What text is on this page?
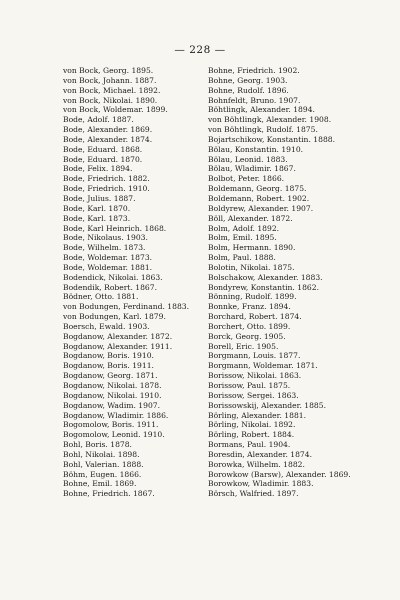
— 228 —
von Bock, Georg. 1895.
von Bock, Johann. 1887.
von Bock, Michael. 1892.
von Bock, Nikolai. 1890.
von Bock, Woldemar. 1899.
Bode, Adolf. 1887.
Bode, Alexander. 1869.
Bode, Alexander. 1874.
Bode, Eduard. 1868.
Bode, Eduard. 1870.
Bode, Felix. 1894.
Bode, Friedrich. 1882.
Bode, Friedrich. 1910.
Bode, Julius. 1887.
Bode, Karl. 1870.
Bode, Karl. 1873.
Bode, Karl Heinrich. 1868.
Bode, Nikolaus. 1903.
Bode, Wilhelm. 1873.
Bode, Woldemar. 1873.
Bode, Woldemar. 1881.
Bodendick, Nikolai. 1863.
Bodendik, Robert. 1867.
Bödner, Otto. 1881.
von Bodungen, Ferdinand. 1883.
von Bodungen, Karl. 1879.
Boersch, Ewald. 1903.
Bogdanow, Alexander. 1872.
Bogdanow, Alexander. 1911.
Bogdanow, Boris. 1910.
Bogdanow, Boris. 1911.
Bogdanow, Georg. 1871.
Bogdanow, Nikolai. 1878.
Bogdanow, Nikolai. 1910.
Bogdanow, Wadim. 1907.
Bogdanow, Wladimir. 1886.
Bogomolow, Boris. 1911.
Bogomolow, Leonid. 1910.
Bohl, Boris. 1878.
Bohl, Nikolai. 1898.
Bohl, Valerian. 1888.
Böhm, Eugen. 1866.
Bohne, Emil. 1869.
Bohne, Friedrich. 1867.
Bohne, Friedrich. 1902.
Bohne, Georg. 1903.
Bohne, Rudolf. 1896.
Bohnfeldt, Bruno. 1907.
Böhtlingk, Alexander. 1894.
von Böhtlingk, Alexander. 1908.
von Böhtlingk, Rudolf. 1875.
Bojartschikow, Konstantin. 1888.
Bölau, Konstantin. 1910.
Bölau, Leonid. 1883.
Bölau, Wladimir. 1867.
Bolbot, Peter. 1866.
Boldemann, Georg. 1875.
Boldemann, Robert. 1902.
Boldyrew, Alexander. 1907.
Böll, Alexander. 1872.
Bolm, Adolf. 1892.
Bolm, Emil. 1895.
Bolm, Hermann. 1890.
Bolm, Paul. 1888.
Bolotin, Nikolai. 1875.
Bolschakow, Alexander. 1883.
Bondyrew, Konstantin. 1862.
Bönning, Rudolf. 1899.
Bonnke, Franz. 1894.
Borchard, Robert. 1874.
Borchert, Otto. 1899.
Borck, Georg. 1905.
Borell, Eric. 1905.
Borgmann, Louis. 1877.
Borgmann, Woldemar. 1871.
Borissow, Nikolai. 1863.
Borissow, Paul. 1875.
Borissow, Sergei. 1863.
Borissowskij, Alexander. 1885.
Börling, Alexander. 1881.
Börling, Nikolai. 1892.
Börling, Robert. 1884.
Bormans, Paul. 1904.
Boresdin, Alexander. 1874.
Borowka, Wilhelm. 1882.
Borowkow (Barsw), Alexander. 1869.
Borowkow, Wladimir. 1883.
Börsch, Walfried. 1897.
